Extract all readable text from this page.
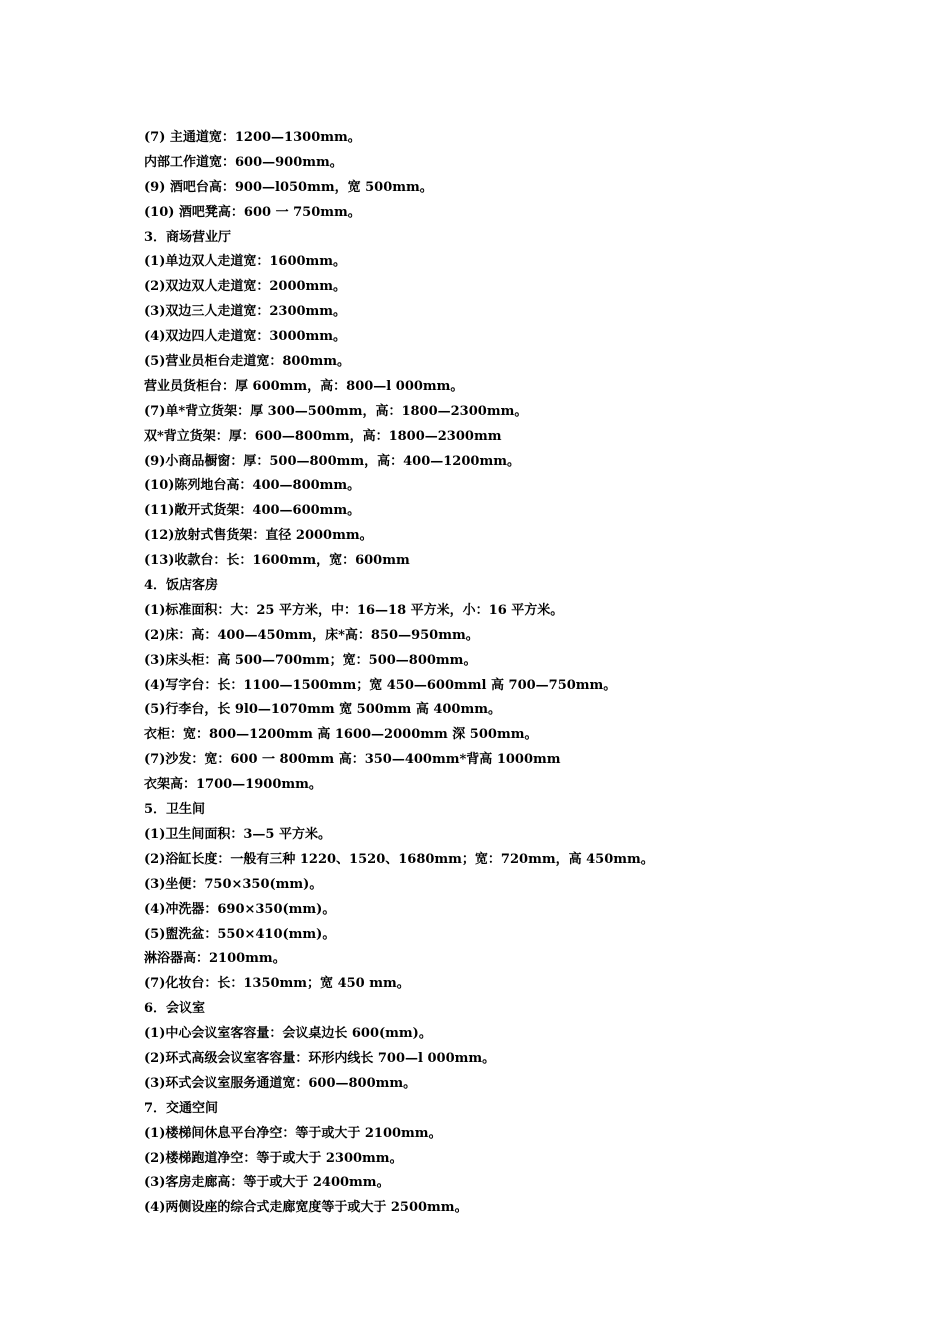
(7) 主通道宽：1200—1300mm。
内部工作道宽：600—900mm。
(9) 酒吧台高：900—l050mm，宽 500mm。
(10) 酒吧凳高：600 一 750mm。
3．商场营业厅
(1)单边双人走道宽：1600mm。
(2)双边双人走道宽：2000mm。
(3)双边三人走道宽：2300mm。
(4)双边四人走道宽：3000mm。
(5)营业员柜台走道宽：800mm。
营业员货柜台：厚 600mm，高：800—l 000mm。
(7)单*背立货架：厚 300—500mm，高：1800—2300mm。
双*背立货架：厚：600—800mm，高：1800—2300mm
(9)小商品橱窗：厚：500—800mm，高：400—1200mm。
(10)陈列地台高：400—800mm。
(11)敞开式货架：400—600mm。
(12)放射式售货架：直径 2000mm。
(13)收款台：长：1600mm，宽：600mm
4．饭店客房
(1)标准面积：大：25 平方米，中：16—18 平方米，小：16 平方米。
(2)床：高：400—450mm，床*高：850—950mm。
(3)床头柜：高 500—700mm；宽：500—800mm。
(4)写字台：长：1100—1500mm；宽 450—600mml 高 700—750mm。
(5)行李台，长 9l0—1070mm 宽 500mm 高 400mm。
衣柜：宽：800—1200mm 高 1600—2000mm 深 500mm。
(7)沙发：宽：600 一 800mm 高：350—400mm*背高 1000mm
衣架高：1700—1900mm。
5．卫生间
(1)卫生间面积：3—5 平方米。
(2)浴缸长度：一般有三种 1220、1520、1680mm；宽：720mm，高 450mm。
(3)坐便：750×350(mm)。
(4)冲洗器：690×350(mm)。
(5)盥洗盆：550×410(mm)。
淋浴器高：2100mm。
(7)化妆台：长：1350mm；宽 450 mm。
6．会议室
(1)中心会议室客容量：会议桌边长 600(mm)。
(2)环式高级会议室客容量：环形内线长 700—l 000mm。
(3)环式会议室服务通道宽：600—800mm。
7．交通空间
(1)楼梯间休息平台净空：等于或大于 2100mm。
(2)楼梯跑道净空：等于或大于 2300mm。
(3)客房走廊高：等于或大于 2400mm。
(4)两侧设座的综合式走廊宽度等于或大于 2500mm。
